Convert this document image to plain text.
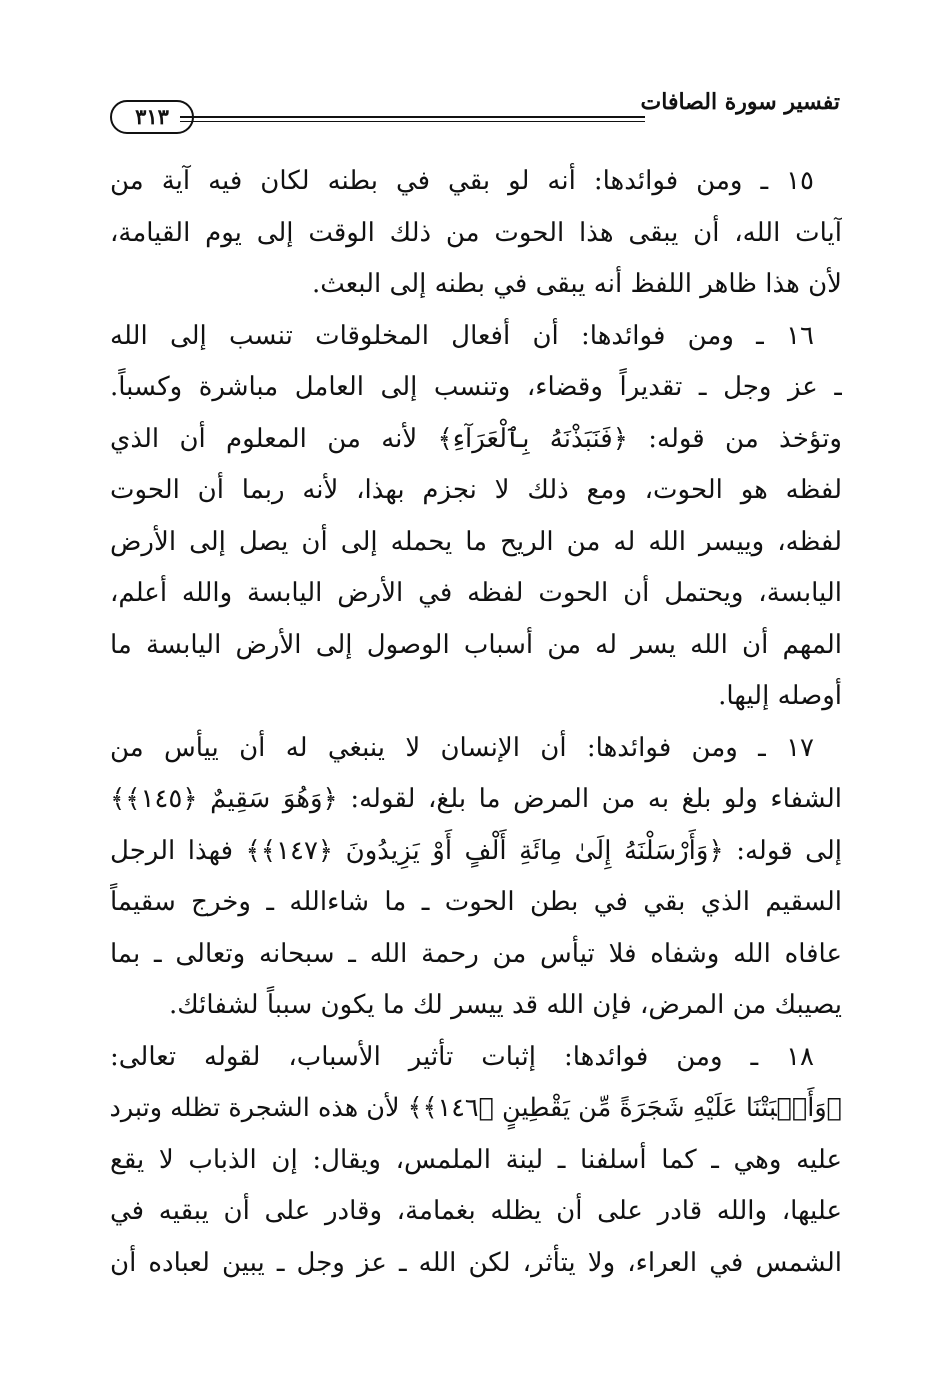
تفسير سورة الصافات
٣١٣
١٥ ـ ومن فوائدها: أنه لو بقي في بطنه لكان فيه آية من
آيات الله، أن يبقى هذا الحوت من ذلك الوقت إلى يوم القيامة،
لأن هذا ظاهر اللفظ أنه يبقى في بطنه إلى البعث.
١٦ ـ ومن فوائدها: أن أفعال المخلوقات تنسب إلى الله
ـ عز وجل ـ تقديراً وقضاء، وتنسب إلى العامل مباشرة وكسباً.
وتؤخذ من قوله: ﴿فَنَبَذْنَهُ بِٱلْعَرَآءِ﴾ لأنه من المعلوم أن الذي
لفظه هو الحوت، ومع ذلك لا نجزم بهذا، لأنه ربما أن الحوت
لفظه، وييسر الله له من الريح ما يحمله إلى أن يصل إلى الأرض
اليابسة، ويحتمل أن الحوت لفظه في الأرض اليابسة والله أعلم،
المهم أن الله يسر له من أسباب الوصول إلى الأرض اليابسة ما
أوصله إليها.
١٧ ـ ومن فوائدها: أن الإنسان لا ينبغي له أن ييأس من
الشفاء ولو بلغ به من المرض ما بلغ، لقوله: ﴿وَهُوَ سَقِيمٌ ﴿١٤٥﴾﴾
إلى قوله: ﴿وَأَرْسَلْنَهُ إِلَىٰ مِائَةِ أَلْفٍ أَوْ يَزِيدُونَ ﴿١٤٧﴾﴾ فهذا الرجل
السقيم الذي بقي في بطن الحوت ـ ما شاءالله ـ وخرج سقيماً
عافاه الله وشفاه فلا تيأس من رحمة الله ـ سبحانه وتعالى ـ بما
يصيبك من المرض، فإن الله قد ييسر لك ما يكون سبباً لشفائك.
١٨ ـ ومن فوائدها: إثبات تأثير الأسباب، لقوله تعالى:
﴿وَأَنۢبَتْنَا عَلَيْهِ شَجَرَةً مِّن يَقْطِينٍ ﴿١٤٦﴾﴾ لأن هذه الشجرة تظله وتبرد
عليه وهي ـ كما أسلفنا ـ لينة الملمس، ويقال: إن الذباب لا يقع
عليها، والله قادر على أن يظله بغمامة، وقادر على أن يبقيه في
الشمس في العراء، ولا يتأثر، لكن الله ـ عز وجل ـ يبين لعباده أن
